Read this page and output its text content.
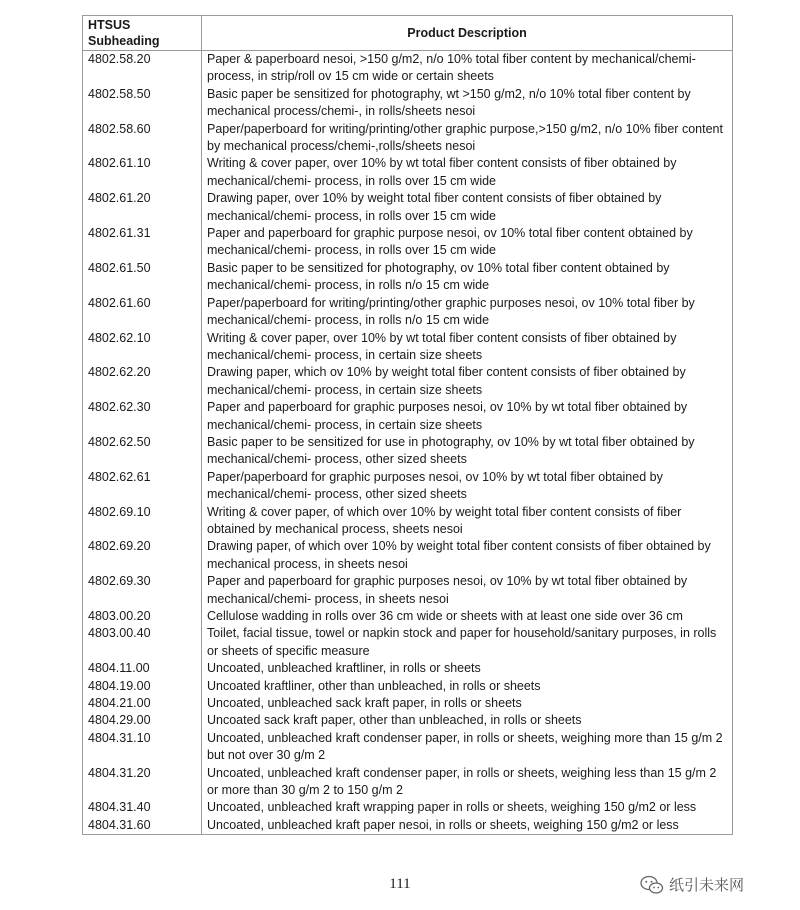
HTSUS Subheading	Product Description
4802.58.20	Paper & paperboard nesoi, >150 g/m2, n/o 10% total fiber content by mechanical/chemi- process, in strip/roll ov 15 cm wide or certain sheets
4802.58.50	Basic paper be sensitized for photography, wt >150 g/m2, n/o 10% total fiber content by mechanical process/chemi-, in rolls/sheets nesoi
4802.58.60	Paper/paperboard for writing/printing/other graphic purpose,>150 g/m2, n/o 10% fiber content by mechanical process/chemi-,rolls/sheets nesoi
4802.61.10	Writing & cover paper, over 10% by wt total fiber content consists of fiber obtained by mechanical/chemi- process, in rolls over 15 cm wide
4802.61.20	Drawing paper, over 10% by weight total fiber content consists of fiber obtained by mechanical/chemi- process, in rolls over 15 cm wide
4802.61.31	Paper and paperboard for graphic purpose nesoi, ov 10% total fiber content obtained by mechanical/chemi- process, in rolls over 15 cm wide
4802.61.50	Basic paper to be sensitized for photography, ov 10% total fiber content obtained by mechanical/chemi- process, in rolls n/o 15 cm wide
4802.61.60	Paper/paperboard for writing/printing/other graphic purposes nesoi, ov 10% total fiber by mechanical/chemi- process, in rolls n/o 15 cm wide
4802.62.10	Writing & cover paper, over 10% by wt total fiber content consists of fiber obtained by mechanical/chemi- process, in certain size sheets
4802.62.20	Drawing paper, which ov 10% by weight total fiber content consists of fiber obtained by mechanical/chemi- process, in certain size sheets
4802.62.30	Paper and paperboard for graphic purposes nesoi, ov 10% by wt total fiber obtained by mechanical/chemi- process, in certain size sheets
4802.62.50	Basic paper to be sensitized for use in photography, ov 10% by wt total fiber obtained by mechanical/chemi- process, other sized sheets
4802.62.61	Paper/paperboard for graphic purposes nesoi, ov 10% by wt total fiber obtained by mechanical/chemi- process, other sized sheets
4802.69.10	Writing & cover paper, of which over 10% by weight total fiber content consists of fiber obtained by mechanical process, sheets nesoi
4802.69.20	Drawing paper, of which over 10% by weight total fiber content consists of fiber obtained by mechanical process, in sheets nesoi
4802.69.30	Paper and paperboard for graphic purposes nesoi, ov 10% by wt total fiber obtained by mechanical/chemi- process, in sheets nesoi
4803.00.20	Cellulose wadding in rolls over 36 cm wide or sheets with at least one side over 36 cm
4803.00.40	Toilet, facial tissue, towel or napkin stock and paper for household/sanitary purposes, in rolls or sheets of specific measure
4804.11.00	Uncoated, unbleached kraftliner, in rolls or sheets
4804.19.00	Uncoated kraftliner, other than unbleached, in rolls or sheets
4804.21.00	Uncoated, unbleached sack kraft paper, in rolls or sheets
4804.29.00	Uncoated sack kraft paper, other than unbleached, in rolls or sheets
4804.31.10	Uncoated, unbleached kraft condenser paper, in rolls or sheets, weighing more than 15 g/m 2 but not over 30 g/m 2
4804.31.20	Uncoated, unbleached kraft condenser paper, in rolls or sheets, weighing less than 15 g/m 2 or more than 30 g/m 2 to 150 g/m 2
4804.31.40	Uncoated, unbleached kraft wrapping paper in rolls or sheets, weighing 150 g/m2 or less
4804.31.60	Uncoated, unbleached kraft paper nesoi, in rolls or sheets, weighing 150 g/m2 or less
111	纸引未来网
